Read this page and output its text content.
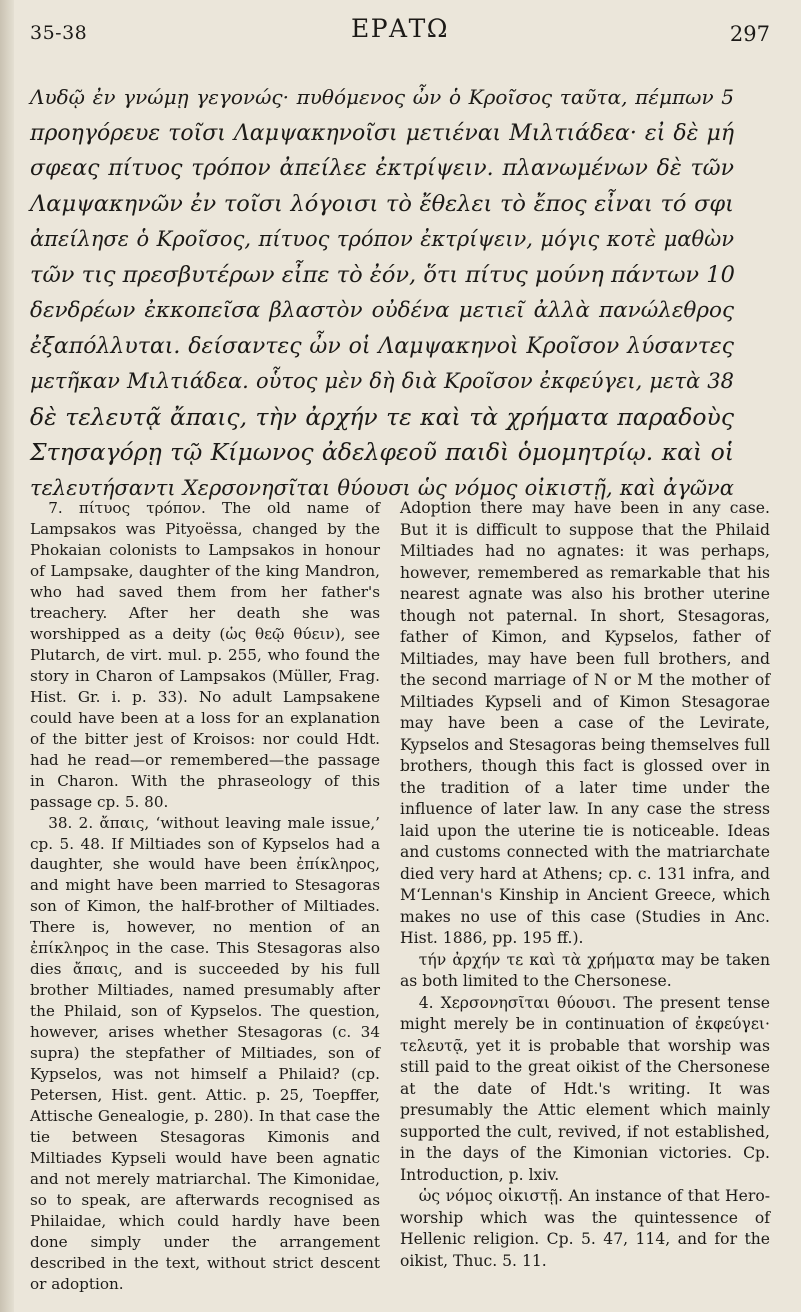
35-38	ΕΡΑΤΩ	297
Λυδῷ ἐν γνώμῃ γεγονώς· πυθόμενος ὦν ὁ Κροῖσος ταῦτα, πέμπων 5
προηγόρευε τοῖσι Λαμψακηνοῖσι μετιέναι Μιλτιάδεα· εἰ δὲ μή
σφεας πίτυος τρόπον ἀπείλεε ἐκτρίψειν. πλανωμένων δὲ τῶν
Λαμψακηνῶν ἐν τοῖσι λόγοισι τὸ ἔθελει τὸ ἔπος εἶναι τό σφι
ἀπείλησε ὁ Κροῖσος, πίτυος τρόπον ἐκτρίψειν, μόγις κοτὲ μαθὼν
τῶν τις πρεσβυτέρων εἶπε τὸ ἐόν, ὅτι πίτυς μούνη πάντων 10
δενδρέων ἐκκοπεῖσα βλαστὸν οὐδένα μετιεῖ ἀλλὰ πανώλεθρος
ἐξαπόλλυται. δείσαντες ὦν οἱ Λαμψακηνοὶ Κροῖσον λύσαντες
μετῆκαν Μιλτιάδεα. οὗτος μὲν δὴ διὰ Κροῖσον ἐκφεύγει, μετὰ 38
δὲ τελευτᾷ ἄπαις, τὴν ἀρχήν τε καὶ τὰ χρήματα παραδοὺς
Στησαγόρῃ τῷ Κίμωνος ἀδελφεοῦ παιδὶ ὁμομητρίῳ. καὶ οἱ
τελευτήσαντι Χερσονησῖται θύουσι ὡς νόμος οἰκιστῇ, καὶ ἀγῶνα

7. πίτυος τρόπον. The old name of Lampsakos was Pityoëssa, changed by the Phokaian colonists to Lampsakos in honour of Lampsake, daughter of the king Mandron, who had saved them from her father's treachery. After her death she was worshipped as a deity (ὡς θεῷ θύειν), see Plutarch, de virt. mul. p. 255, who found the story in Charon of Lampsakos (Müller, Frag. Hist. Gr. i. p. 33). No adult Lampsakene could have been at a loss for an explanation of the bitter jest of Kroisos: nor could Hdt. had he read—or remembered—the passage in Charon. With the phraseology of this passage cp. 5. 80.

38. 2. ἄπαις, ‘without leaving male issue,’ cp. 5. 48. If Miltiades son of Kypselos had a daughter, she would have been ἐπίκληρος, and might have been married to Stesagoras son of Kimon, the half-brother of Miltiades. There is, however, no mention of an ἐπίκληρος in the case. This Stesagoras also dies ἄπαις, and is succeeded by his full brother Miltiades, named presumably after the Philaid, son of Kypselos. The question, however, arises whether Stesagoras (c. 34 supra) the stepfather of Miltiades, son of Kypselos, was not himself a Philaid? (cp. Petersen, Hist. gent. Attic. p. 25, Toepffer, Attische Genealogie, p. 280). In that case the tie between Stesagoras Kimonis and Miltiades Kypseli would have been agnatic and not merely matriarchal. The Kimonidae, so to speak, are afterwards recognised as Philaidae, which could hardly have been done simply under the arrangement described in the text, without strict descent or adoption.

Adoption there may have been in any case. But it is difficult to suppose that the Philaid Miltiades had no agnates: it was perhaps, however, remembered as remarkable that his nearest agnate was also his brother uterine though not paternal. In short, Stesagoras, father of Kimon, and Kypselos, father of Miltiades, may have been full brothers, and the second marriage of N or M the mother of Miltiades Kypseli and of Kimon Stesagorae may have been a case of the Levirate, Kypselos and Stesagoras being themselves full brothers, though this fact is glossed over in the tradition of a later time under the influence of later law. In any case the stress laid upon the uterine tie is noticeable. Ideas and customs connected with the matriarchate died very hard at Athens; cp. c. 131 infra, and M‘Lennan's Kinship in Ancient Greece, which makes no use of this case (Studies in Anc. Hist. 1886, pp. 195 ff.).

τήν ἀρχήν τε καὶ τὰ χρήματα may be taken as both limited to the Chersonese.

4. Χερσονησῖται θύουσι. The present tense might merely be in continuation of ἐκφεύγει· τελευτᾷ, yet it is probable that worship was still paid to the great oikist of the Chersonese at the date of Hdt.'s writing. It was presumably the Attic element which mainly supported the cult, revived, if not established, in the days of the Kimonian victories. Cp. Introduction, p. lxiv.

ὡς νόμος οἰκιστῇ. An instance of that Hero-worship which was the quintessence of Hellenic religion. Cp. 5. 47, 114, and for the oikist, Thuc. 5. 11.
